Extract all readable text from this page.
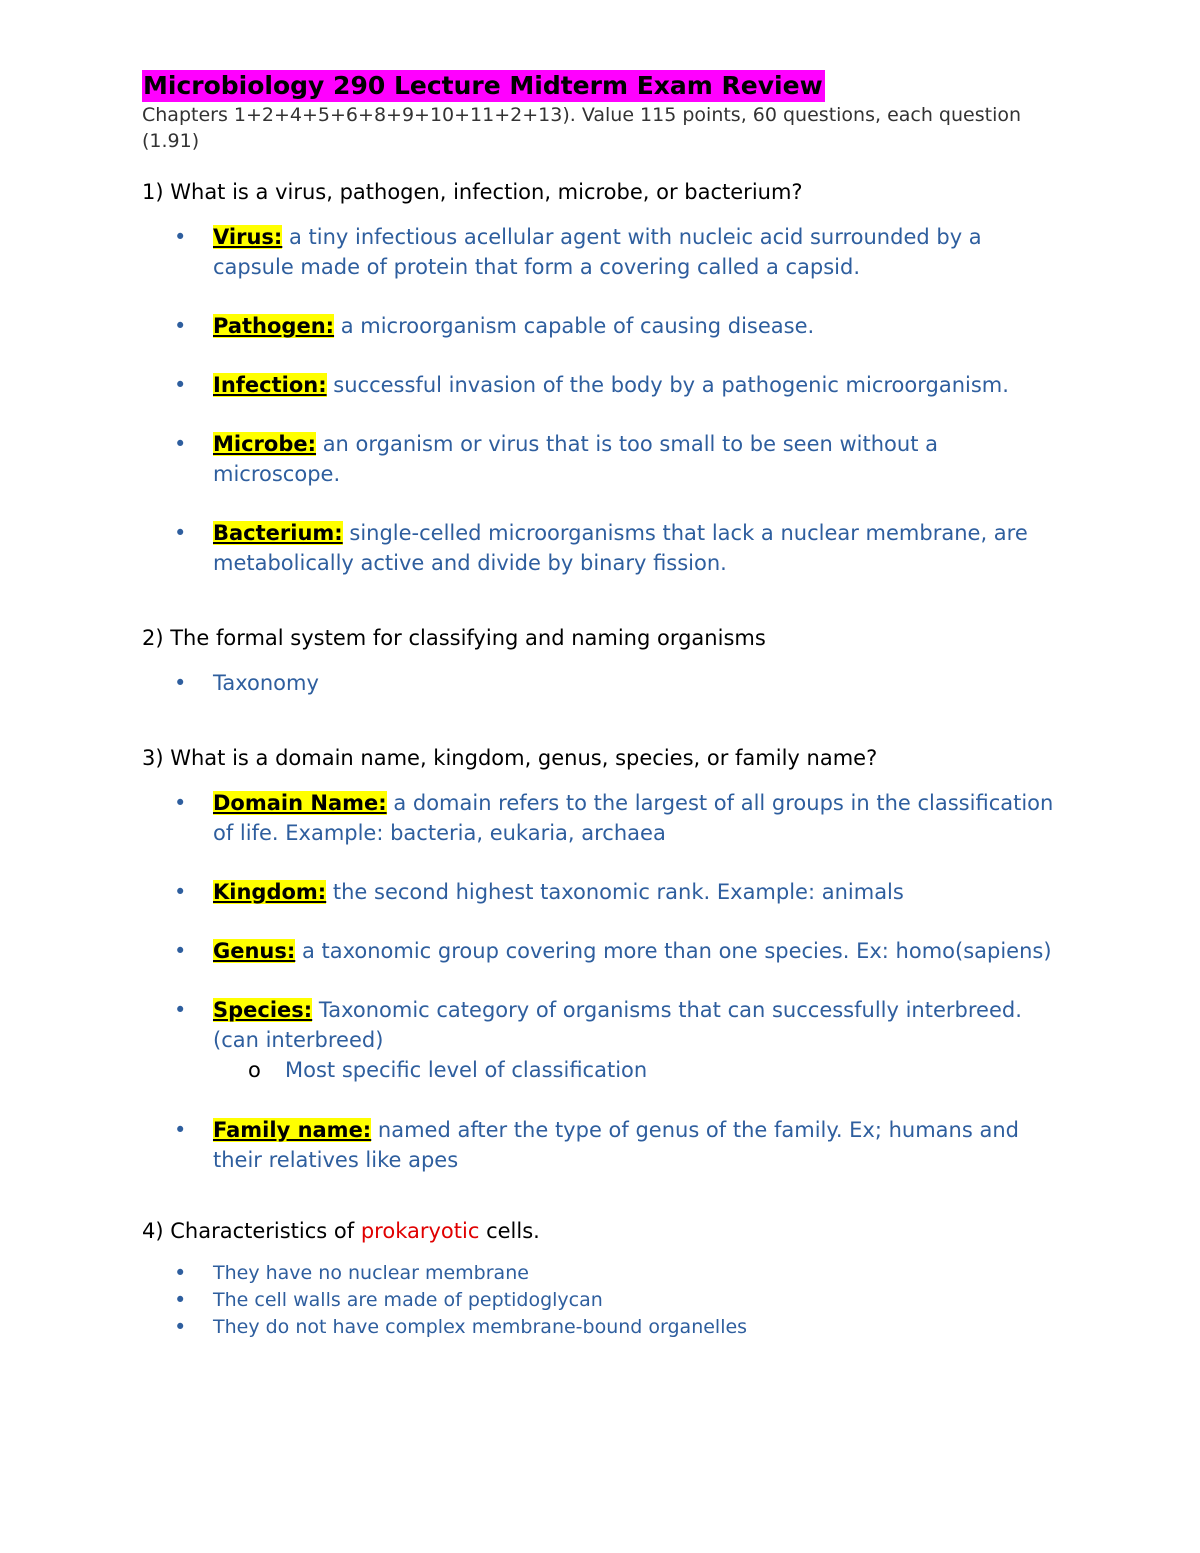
Microbiology 290 Lecture Midterm Exam Review

Chapters 1+2+4+5+6+8+9+10+11+2+13). Value 115 points, 60 questions, each question (1.91)

1) What is a virus, pathogen, infection, microbe, or bacterium?

• Virus: a tiny infectious acellular agent with nucleic acid surrounded by a capsule made of protein that form a covering called a capsid.
• Pathogen: a microorganism capable of causing disease.
• Infection: successful invasion of the body by a pathogenic microorganism.
• Microbe: an organism or virus that is too small to be seen without a microscope.
• Bacterium: single-celled microorganisms that lack a nuclear membrane, are metabolically active and divide by binary fission.

2) The formal system for classifying and naming organisms

• Taxonomy

3) What is a domain name, kingdom, genus, species, or family name?

• Domain Name: a domain refers to the largest of all groups in the classification of life. Example: bacteria, eukaria, archaea
• Kingdom: the second highest taxonomic rank. Example: animals
• Genus: a taxonomic group covering more than one species. Ex: homo(sapiens)
• Species: Taxonomic category of organisms that can successfully interbreed. (can interbreed)
o Most specific level of classification
• Family name: named after the type of genus of the family. Ex; humans and their relatives like apes

4) Characteristics of prokaryotic cells.

• They have no nuclear membrane
• The cell walls are made of peptidoglycan
• They do not have complex membrane-bound organelles
